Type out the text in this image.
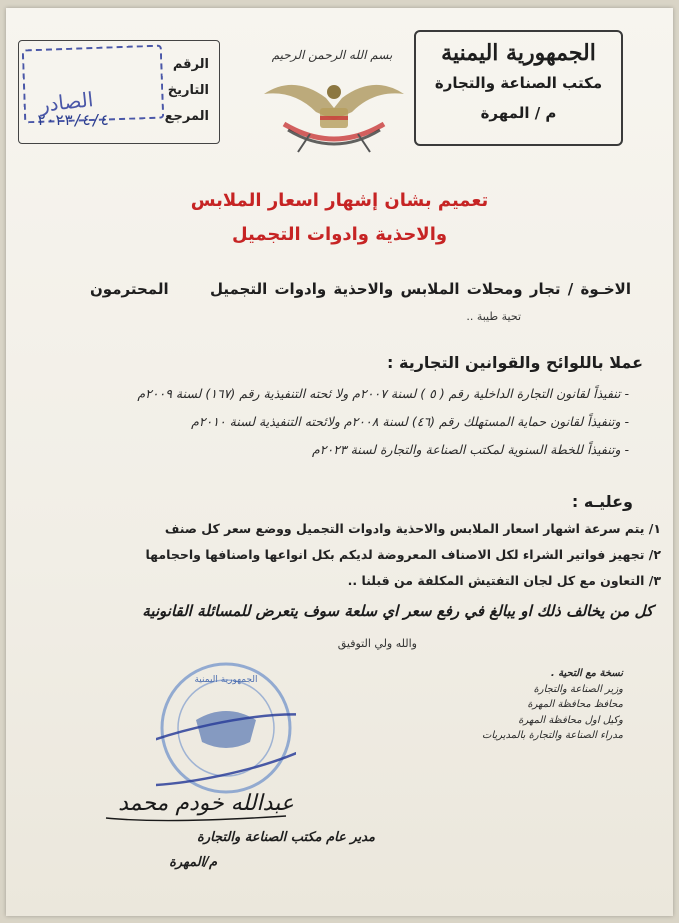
الجمهورية اليمنية
مكتب الصناعة والتجارة
م / المهرة
بسم الله الرحمن الرحيم
الصادر
الرقم
التاريخ
المرجع
٢٠٢٣/٤/٤
تعميم بشان إشهار اسعار الملابس
والاحذية وادوات التجميل
الاخـوة / تجار ومحلات الملابس والاحذية وادوات التجميل
المحترمون
تحية طيبة ..
عملا باللوائح والقوانين التجارية :
- تنفيذاً لقانون التجارة الداخلية رقم ( ٥ ) لسنة ٢٠٠٧م ولا ئحته التنفيذية رقم (١٦٧) لسنة ٢٠٠٩م
- وتنفيذاً لقانون حماية المستهلك رقم (٤٦) لسنة ٢٠٠٨م ولائحته التنفيذية لسنة ٢٠١٠م
- وتنفيذاً للخطة السنوية لمكتب الصناعة والتجارة لسنة ٢٠٢٣م
وعليـه :
١/ يتم سرعة اشهار اسعار الملابس والاحذية وادوات التجميل ووضع سعر كل صنف
٢/ تجهيز فواتير الشراء لكل الاصناف المعروضة لديكم بكل انواعها واصنافها واحجامها
٣/ التعاون مع كل لجان التفتيش المكلفة من قبلنا ..
كل من يخالف ذلك او يبالغ في رفع سعر اي سلعة سوف يتعرض للمسائلة القانونية
والله ولي التوفيق
نسخة مع التحية .
وزير الصناعة والتجارة
محافظ محافظة المهرة
وكيل اول محافظة المهرة
مدراء الصناعة والتجارة بالمديريات
الجمهورية اليمنية
عبدالله خودم محمد
مدير عام مكتب الصناعة والتجارة
م/المهرة
